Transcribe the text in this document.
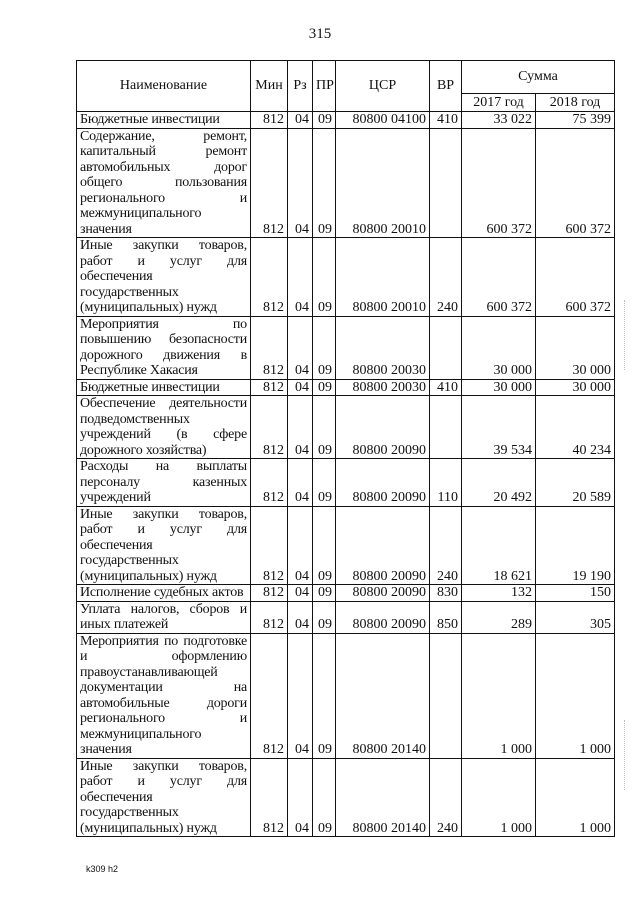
315
Наименование	Мин	Рз	ПР	ЦСР	ВР	Сумма	
						2017 год	2018 год
Бюджетные инвестиции	812	04	09	80800 04100	410	33 022	75 399
Содержание, ремонт, капитальный ремонт автомобильных дорог общего пользования регионального и межмуниципального значения	812	04	09	80800 20010		600 372	600 372
Иные закупки товаров, работ и услуг для обеспечения государственных (муниципальных) нужд	812	04	09	80800 20010	240	600 372	600 372
Мероприятия по повышению безопасности дорожного движения в Республике Хакасия	812	04	09	80800 20030		30 000	30 000
Бюджетные инвестиции	812	04	09	80800 20030	410	30 000	30 000
Обеспечение деятельности подведомственных учреждений (в сфере дорожного хозяйства)	812	04	09	80800 20090		39 534	40 234
Расходы на выплаты персоналу казенных учреждений	812	04	09	80800 20090	110	20 492	20 589
Иные закупки товаров, работ и услуг для обеспечения государственных (муниципальных) нужд	812	04	09	80800 20090	240	18 621	19 190
Исполнение судебных актов	812	04	09	80800 20090	830	132	150
Уплата налогов, сборов и иных платежей	812	04	09	80800 20090	850	289	305
Мероприятия по подготовке и оформлению правоустанавливающей документации на автомобильные дороги регионального и межмуниципального значения	812	04	09	80800 20140		1 000	1 000
Иные закупки товаров, работ и услуг для обеспечения государственных (муниципальных) нужд	812	04	09	80800 20140	240	1 000	1 000
k309 h2
